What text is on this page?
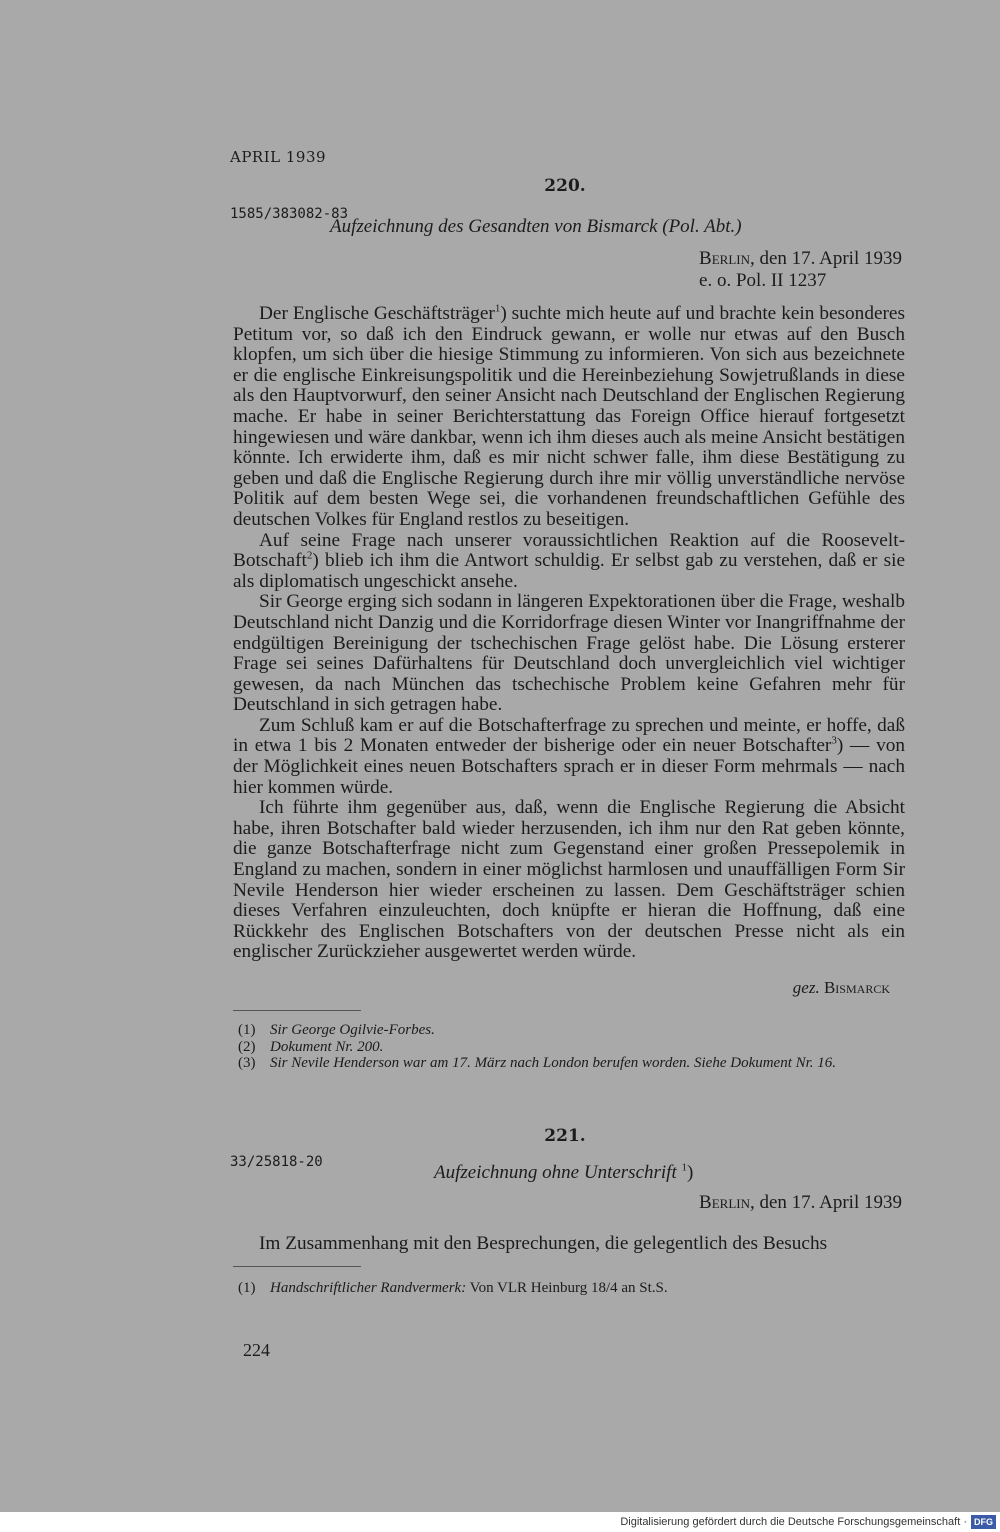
APRIL 1939
220.
1585/383082-83
Aufzeichnung des Gesandten von Bismarck (Pol. Abt.)
Berlin, den 17. April 1939
e. o. Pol. II 1237

Der Englische Geschäftsträger$^1$) suchte mich heute auf und brachte kein besonderes Petitum vor, so daß ich den Eindruck gewann, er wolle nur etwas auf den Busch klopfen, um sich über die hiesige Stimmung zu informieren. Von sich aus bezeichnete er die englische Einkreisungspolitik und die Hereinbeziehung Sowjetrußlands in diese als den Hauptvorwurf, den seiner Ansicht nach Deutschland der Englischen Regierung mache. Er habe in seiner Berichterstattung das Foreign Office hierauf fortgesetzt hingewiesen und wäre dankbar, wenn ich ihm dieses auch als meine Ansicht bestätigen könnte. Ich erwiderte ihm, daß es mir nicht schwer falle, ihm diese Bestätigung zu geben und daß die Englische Regierung durch ihre mir völlig unverständliche nervöse Politik auf dem besten Wege sei, die vorhandenen freundschaftlichen Gefühle des deutschen Volkes für England restlos zu beseitigen.

Auf seine Frage nach unserer voraussichtlichen Reaktion auf die Roosevelt-Botschaft$^2$) blieb ich ihm die Antwort schuldig. Er selbst gab zu verstehen, daß er sie als diplomatisch ungeschickt ansehe.

Sir George erging sich sodann in längeren Expektorationen über die Frage, weshalb Deutschland nicht Danzig und die Korridorfrage diesen Winter vor Inangriffnahme der endgültigen Bereinigung der tschechischen Frage gelöst habe. Die Lösung ersterer Frage sei seines Dafürhaltens für Deutschland doch unvergleichlich viel wichtiger gewesen, da nach München das tschechische Problem keine Gefahren mehr für Deutschland in sich getragen habe.

Zum Schluß kam er auf die Botschafterfrage zu sprechen und meinte, er hoffe, daß in etwa 1 bis 2 Monaten entweder der bisherige oder ein neuer Botschafter$^3$) — von der Möglichkeit eines neuen Botschafters sprach er in dieser Form mehrmals — nach hier kommen würde.

Ich führte ihm gegenüber aus, daß, wenn die Englische Regierung die Absicht habe, ihren Botschafter bald wieder herzusenden, ich ihm nur den Rat geben könnte, die ganze Botschafterfrage nicht zum Gegenstand einer großen Pressepolemik in England zu machen, sondern in einer möglichst harmlosen und unauffälligen Form Sir Nevile Henderson hier wieder erscheinen zu lassen. Dem Geschäftsträger schien dieses Verfahren einzuleuchten, doch knüpfte er hieran die Hoffnung, daß eine Rückkehr des Englischen Botschafters von der deutschen Presse nicht als ein englischer Zurückzieher ausgewertet werden würde.

gez. Bismarck
(1) Sir George Ogilvie-Forbes.
(2) Dokument Nr. 200.
(3) Sir Nevile Henderson war am 17. März nach London berufen worden. Siehe Dokument Nr. 16.
221.
33/25818-20	Aufzeichnung ohne Unterschrift $^1$)
Berlin, den 17. April 1939

Im Zusammenhang mit den Besprechungen, die gelegentlich des Besuchs

(1) Handschriftlicher Randvermerk: Von VLR Heinburg 18/4 an St.S.
224
Digitalisierung gefördert durch die Deutsche Forschungsgemeinschaft · DFG
